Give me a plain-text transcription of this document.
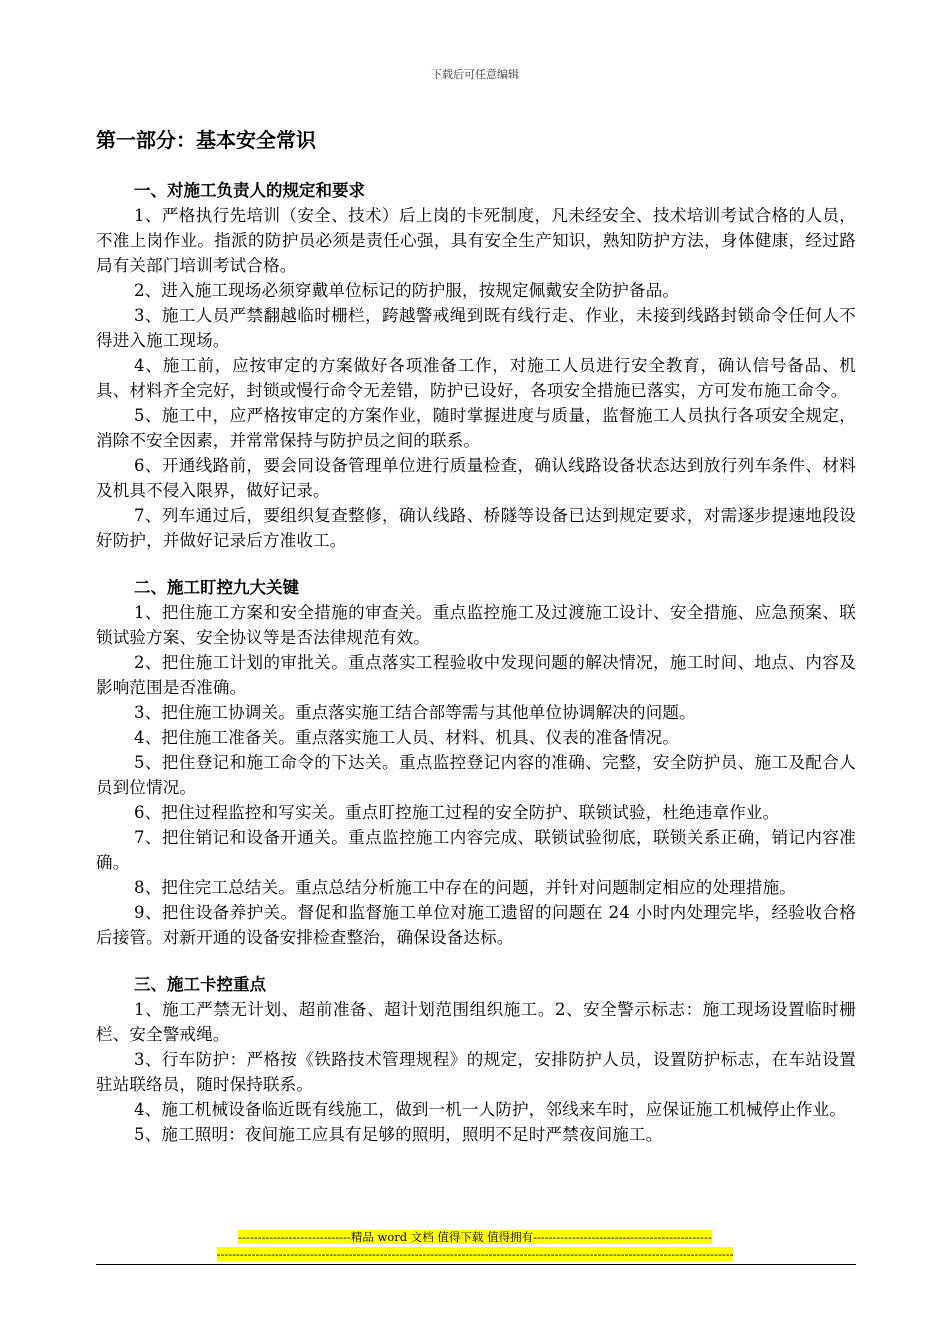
下载后可任意编辑
第一部分：基本安全常识

一、对施工负责人的规定和要求

1、严格执行先培训（安全、技术）后上岗的卡死制度，凡未经安全、技术培训考试合格的人员，不准上岗作业。指派的防护员必须是责任心强，具有安全生产知识，熟知防护方法，身体健康，经过路局有关部门培训考试合格。

2、进入施工现场必须穿戴单位标记的防护服，按规定佩戴安全防护备品。

3、施工人员严禁翻越临时栅栏，跨越警戒绳到既有线行走、作业，未接到线路封锁命令任何人不得进入施工现场。

4、施工前，应按审定的方案做好各项准备工作，对施工人员进行安全教育，确认信号备品、机具、材料齐全完好，封锁或慢行命令无差错，防护已设好，各项安全措施已落实，方可发布施工命令。

5、施工中，应严格按审定的方案作业，随时掌握进度与质量，监督施工人员执行各项安全规定，消除不安全因素，并常常保持与防护员之间的联系。

6、开通线路前，要会同设备管理单位进行质量检查，确认线路设备状态达到放行列车条件、材料及机具不侵入限界，做好记录。

7、列车通过后，要组织复查整修，确认线路、桥隧等设备已达到规定要求，对需逐步提速地段设好防护，并做好记录后方准收工。

二、施工盯控九大关键

1、把住施工方案和安全措施的审查关。重点监控施工及过渡施工设计、安全措施、应急预案、联锁试验方案、安全协议等是否法律规范有效。

2、把住施工计划的审批关。重点落实工程验收中发现问题的解决情况，施工时间、地点、内容及影响范围是否准确。

3、把住施工协调关。重点落实施工结合部等需与其他单位协调解决的问题。

4、把住施工准备关。重点落实施工人员、材料、机具、仪表的准备情况。

5、把住登记和施工命令的下达关。重点监控登记内容的准确、完整，安全防护员、施工及配合人员到位情况。

6、把住过程监控和写实关。重点盯控施工过程的安全防护、联锁试验，杜绝违章作业。

7、把住销记和设备开通关。重点监控施工内容完成、联锁试验彻底，联锁关系正确，销记内容准确。

8、把住完工总结关。重点总结分析施工中存在的问题，并针对问题制定相应的处理措施。

9、把住设备养护关。督促和监督施工单位对施工遗留的问题在 24 小时内处理完毕，经验收合格后接管。对新开通的设备安排检查整治，确保设备达标。

三、施工卡控重点

1、施工严禁无计划、超前准备、超计划范围组织施工。2、安全警示标志：施工现场设置临时栅栏、安全警戒绳。

3、行车防护：严格按《铁路技术管理规程》的规定，安排防护人员，设置防护标志，在车站设置驻站联络员，随时保持联系。

4、施工机械设备临近既有线施工，做到一机一人防护，邻线来车时，应保证施工机械停止作业。

5、施工照明：夜间施工应具有足够的照明，照明不足时严禁夜间施工。

-----------------------------精品 word 文档 值得下载 值得拥有----------------------------------------------
-------------------------------------------------------------------------------------------------------------------------------------
